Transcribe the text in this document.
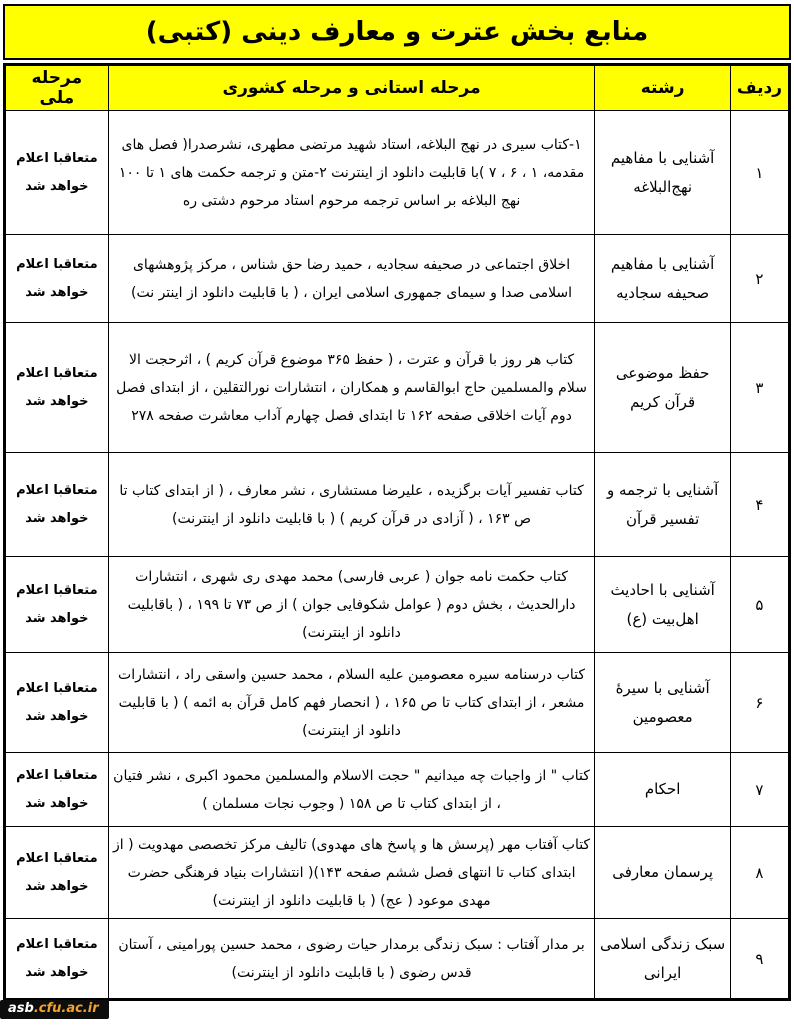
منابع بخش عترت و معارف دینی (کتبی)
ردیف	رشته	مرحله استانی و مرحله کشوری	مرحله ملی
۱	آشنایی با مفاهیم نهج‌البلاغه	۱-کتاب سیری در نهج البلاغه، استاد شهید مرتضی مطهری، نشرصدرا( فصل های مقدمه، ۱ ، ۶ ، ۷ )با قابلیت دانلود از اینترنت ۲-متن و ترجمه حکمت های ۱ تا ۱۰۰ نهج البلاغه بر اساس ترجمه مرحوم استاد مرحوم دشتی ره	متعاقبا اعلام خواهد شد
۲	آشنایی با مفاهیم صحیفه سجادیه	اخلاق اجتماعی در صحیفه سجادیه ، حمید رضا حق شناس ، مرکز پژوهشهای اسلامی صدا و سیمای جمهوری اسلامی ایران ، ( با قابلیت دانلود از اینتر نت)	متعاقبا اعلام خواهد شد
۳	حفظ موضوعی قرآن کریم	کتاب هر روز با قرآن و عترت ، ( حفظ ۳۶۵ موضوع قرآن کریم ) ، اثرحجت الا سلام والمسلمین حاج ابوالقاسم و همکاران ، انتشارات نورالتقلین ، از ابتدای فصل دوم آیات اخلاقی صفحه ۱۶۲ تا ابتدای فصل چهارم آداب معاشرت صفحه ۲۷۸	متعاقبا اعلام خواهد شد
۴	آشنایی با ترجمه و تفسیر قرآن	کتاب تفسیر آیات برگزیده ، علیرضا مستشاری ، نشر معارف ، ( از ابتدای کتاب تا ص ۱۶۳ ، ( آزادی در قرآن کریم ) ( با قابلیت دانلود از اینترنت)	متعاقبا اعلام خواهد شد
۵	آشنایی با احادیث اهل‌بیت (ع)	کتاب حکمت نامه جوان ( عربی فارسی) محمد مهدی ری شهری ، انتشارات دارالحدیث ، بخش دوم ( عوامل شکوفایی جوان ) از ص ۷۳ تا ۱۹۹ ، ( باقابلیت دانلود از اینترنت)	متعاقبا اعلام خواهد شد
۶	آشنایی با سیرۀ معصومین	کتاب درسنامه سیره معصومین علیه السلام ، محمد حسین واسقی راد ، انتشارات مشعر ، از ابتدای کتاب تا ص ۱۶۵ ، ( انحصار فهم کامل قرآن به ائمه ) ( با قابلیت دانلود از اینترنت)	متعاقبا اعلام خواهد شد
۷	احکام	کتاب " از واجبات چه میدانیم " حجت الاسلام والمسلمین محمود اکبری ، نشر فتیان ، از ابتدای کتاب تا ص ۱۵۸ ( وجوب نجات مسلمان )	متعاقبا اعلام خواهد شد
۸	پرسمان معارفی	کتاب آفتاب مهر (پرسش ها و پاسخ های مهدوی) تالیف مرکز تخصصی مهدویت ( از ابتدای کتاب تا انتهای فصل ششم صفحه ۱۴۳)( انتشارات بنیاد فرهنگی حضرت مهدی موعود ( عج) ( با قابلیت دانلود از اینترنت)	متعاقبا اعلام خواهد شد
۹	سبک زندگی اسلامی ایرانی	بر مدار آفتاب : سبک زندگی برمدار حیات رضوی ، محمد حسین پورامینی ، آستان قدس رضوی ( با قابلیت دانلود از اینترنت)	متعاقبا اعلام خواهد شد
asb.cfu.ac.ir
